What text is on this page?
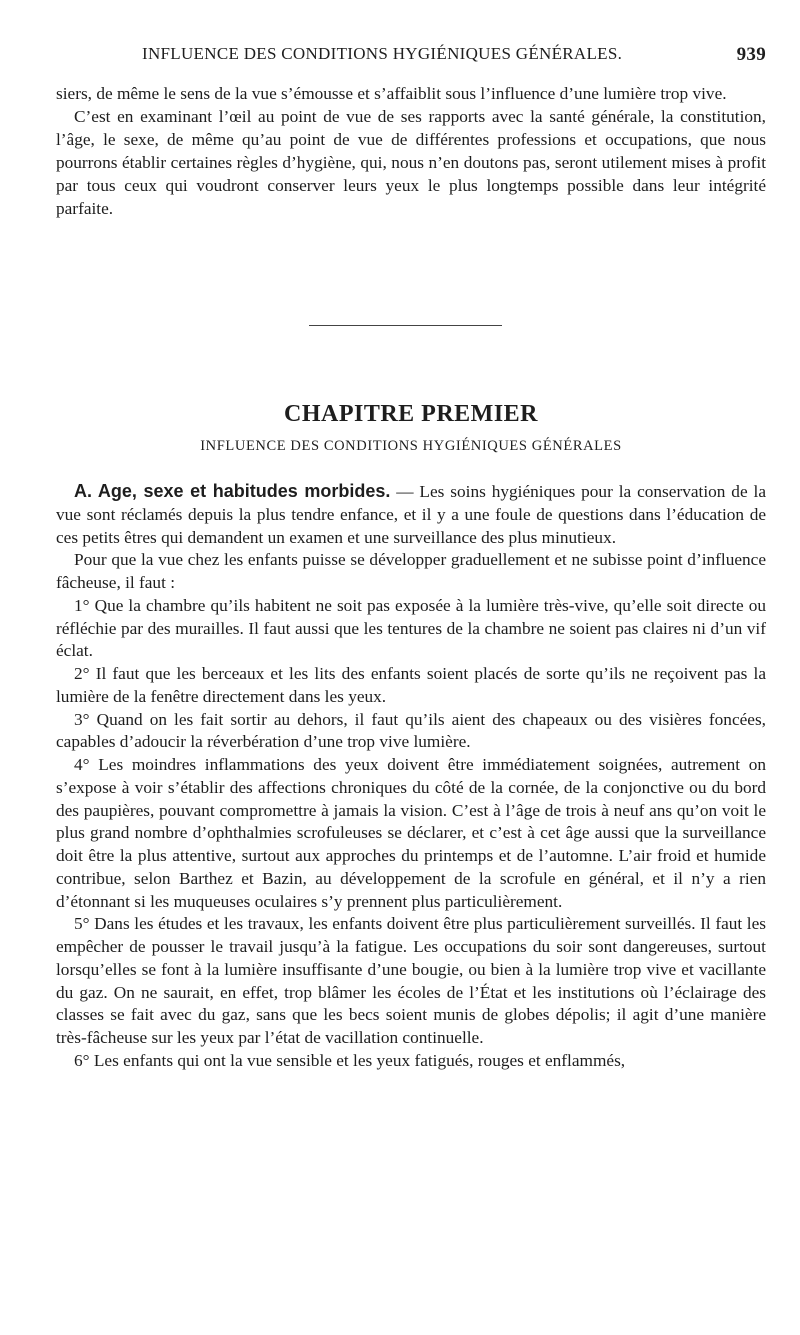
INFLUENCE DES CONDITIONS HYGIÉNIQUES GÉNÉRALES.	939

siers, de même le sens de la vue s’émousse et s’affaiblit sous l’influence d’une lumière trop vive.

C’est en examinant l’œil au point de vue de ses rapports avec la santé générale, la constitution, l’âge, le sexe, de même qu’au point de vue de différentes professions et occupations, que nous pourrons établir certaines règles d’hygiène, qui, nous n’en doutons pas, seront utilement mises à profit par tous ceux qui voudront conserver leurs yeux le plus longtemps possible dans leur intégrité parfaite.

CHAPITRE PREMIER
INFLUENCE DES CONDITIONS HYGIÉNIQUES GÉNÉRALES

A. Age, sexe et habitudes morbides. — Les soins hygiéniques pour la conservation de la vue sont réclamés depuis la plus tendre enfance, et il y a une foule de questions dans l’éducation de ces petits êtres qui demandent un examen et une surveillance des plus minutieux.

Pour que la vue chez les enfants puisse se développer graduellement et ne subisse point d’influence fâcheuse, il faut :

1° Que la chambre qu’ils habitent ne soit pas exposée à la lumière très-vive, qu’elle soit directe ou réfléchie par des murailles. Il faut aussi que les tentures de la chambre ne soient pas claires ni d’un vif éclat.

2° Il faut que les berceaux et les lits des enfants soient placés de sorte qu’ils ne reçoivent pas la lumière de la fenêtre directement dans les yeux.

3° Quand on les fait sortir au dehors, il faut qu’ils aient des chapeaux ou des visières foncées, capables d’adoucir la réverbération d’une trop vive lumière.

4° Les moindres inflammations des yeux doivent être immédiatement soignées, autrement on s’expose à voir s’établir des affections chroniques du côté de la cornée, de la conjonctive ou du bord des paupières, pouvant compromettre à jamais la vision. C’est à l’âge de trois à neuf ans qu’on voit le plus grand nombre d’ophthalmies scrofuleuses se déclarer, et c’est à cet âge aussi que la surveillance doit être la plus attentive, surtout aux approches du printemps et de l’automne. L’air froid et humide contribue, selon Barthez et Bazin, au développement de la scrofule en général, et il n’y a rien d’étonnant si les muqueuses oculaires s’y prennent plus particulièrement.

5° Dans les études et les travaux, les enfants doivent être plus particulièrement surveillés. Il faut les empêcher de pousser le travail jusqu’à la fatigue. Les occupations du soir sont dangereuses, surtout lorsqu’elles se font à la lumière insuffisante d’une bougie, ou bien à la lumière trop vive et vacillante du gaz. On ne saurait, en effet, trop blâmer les écoles de l’État et les institutions où l’éclairage des classes se fait avec du gaz, sans que les becs soient munis de globes dépolis; il agit d’une manière très-fâcheuse sur les yeux par l’état de vacillation continuelle.

6° Les enfants qui ont la vue sensible et les yeux fatigués, rouges et enflammés,
